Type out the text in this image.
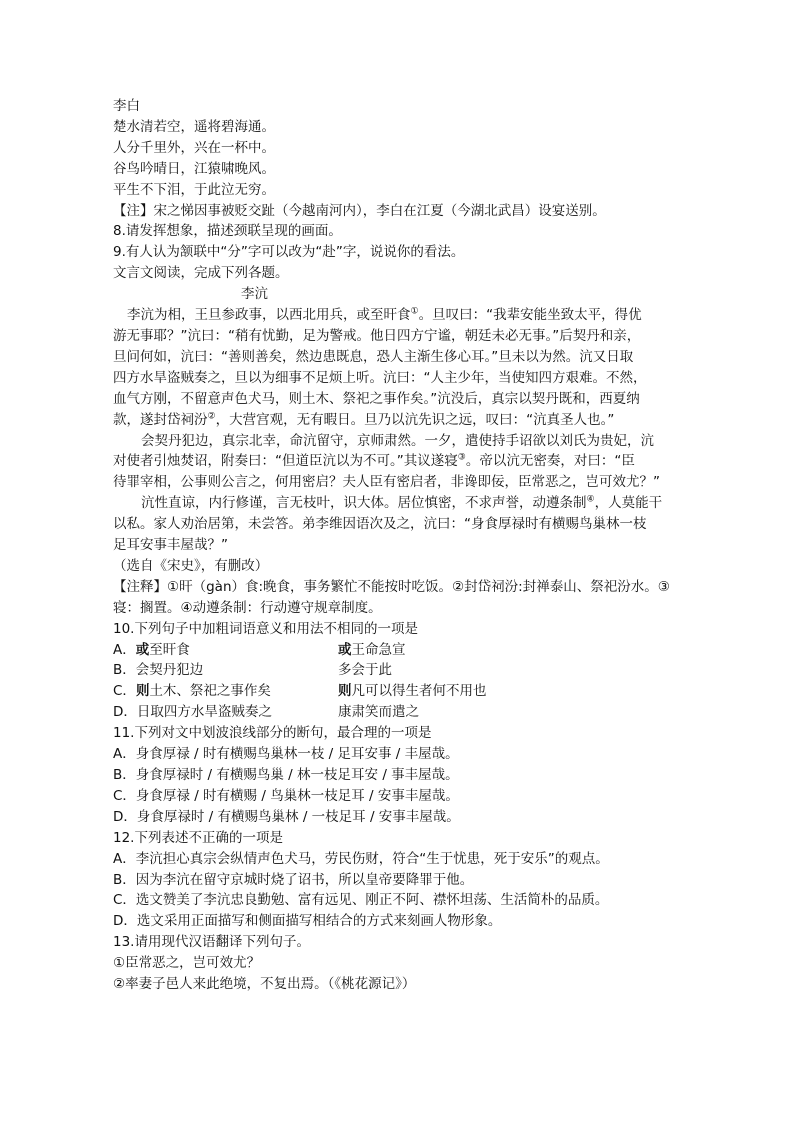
李白
楚水清若空，遥将碧海通。
人分千里外，兴在一杯中。
谷鸟吟晴日，江猿啸晚风。
平生不下泪，于此泣无穷。
【注】宋之悌因事被贬交趾（今越南河内），李白在江夏（今湖北武昌）设宴送别。
8.请发挥想象，描述颈联呈现的画面。
9.有人认为颔联中“分”字可以改为“赴”字，说说你的看法。
文言文阅读，完成下列各题。
李沆
李沆为相，王旦参政事，以西北用兵，或至旰食①。旦叹曰：“我辈安能坐致太平，得优
游无事耶？”沆曰：“稍有忧勤，足为警戒。他日四方宁谧，朝廷未必无事。”后契丹和亲，
旦问何如，沆曰：“善则善矣，然边患既息，恐人主渐生侈心耳。”旦未以为然。沆又日取
四方水旱盗贼奏之，旦以为细事不足烦上听。沆曰：“人主少年，当使知四方艰难。不然，
血气方刚，不留意声色犬马，则土木、祭祀之事作矣。”沆没后，真宗以契丹既和，西夏纳
款，遂封岱祠汾②，大营宫观，无有暇日。旦乃以沆先识之远，叹曰：“沆真圣人也。”
会契丹犯边，真宗北幸，命沆留守，京师肃然。一夕，遣使持手诏欲以刘氏为贵妃，沆
对使者引烛焚诏，附奏曰：“但道臣沆以为不可。”其议遂寝③。帝以沆无密奏，对曰：“臣
待罪宰相，公事则公言之，何用密启？夫人臣有密启者，非谗即佞，臣常恶之，岂可效尤？”
沆性直谅，内行修谨，言无枝叶，识大体。居位慎密，不求声誉，动遵条制④，人莫能干
以私。家人劝治居第，未尝答。弟李维因语次及之，沆曰：“身食厚禄时有横赐鸟巢林一枝
足耳安事丰屋哉？”
（选自《宋史》，有删改）
【注释】①旰（gàn）食:晚食，事务繁忙不能按时吃饭。②封岱祠汾:封禅泰山、祭祀汾水。③
寝：搁置。④动遵条制：行动遵守规章制度。
10.下列句子中加粗词语意义和用法不相同的一项是
A．或至旰食	或王命急宣
B．会契丹犯边	多会于此
C．则土木、祭祀之事作矣	则凡可以得生者何不用也
D．日取四方水旱盗贼奏之	康肃笑而遣之
11.下列对文中划波浪线部分的断句，最合理的一项是
A．身食厚禄 / 时有横赐鸟巢林一枝 / 足耳安事 / 丰屋哉。
B．身食厚禄时 / 有横赐鸟巢 / 林一枝足耳安 / 事丰屋哉。
C．身食厚禄 / 时有横赐 / 鸟巢林一枝足耳 / 安事丰屋哉。
D．身食厚禄时 / 有横赐鸟巢林 / 一枝足耳 / 安事丰屋哉。
12.下列表述不正确的一项是
A．李沆担心真宗会纵情声色犬马，劳民伤财，符合“生于忧患，死于安乐”的观点。
B．因为李沆在留守京城时烧了诏书，所以皇帝要降罪于他。
C．选文赞美了李沆忠良勤勉、富有远见、刚正不阿、襟怀坦荡、生活简朴的品质。
D．选文采用正面描写和侧面描写相结合的方式来刻画人物形象。
13.请用现代汉语翻译下列句子。
①臣常恶之，岂可效尤？
②率妻子邑人来此绝境，不复出焉。（《桃花源记》）
